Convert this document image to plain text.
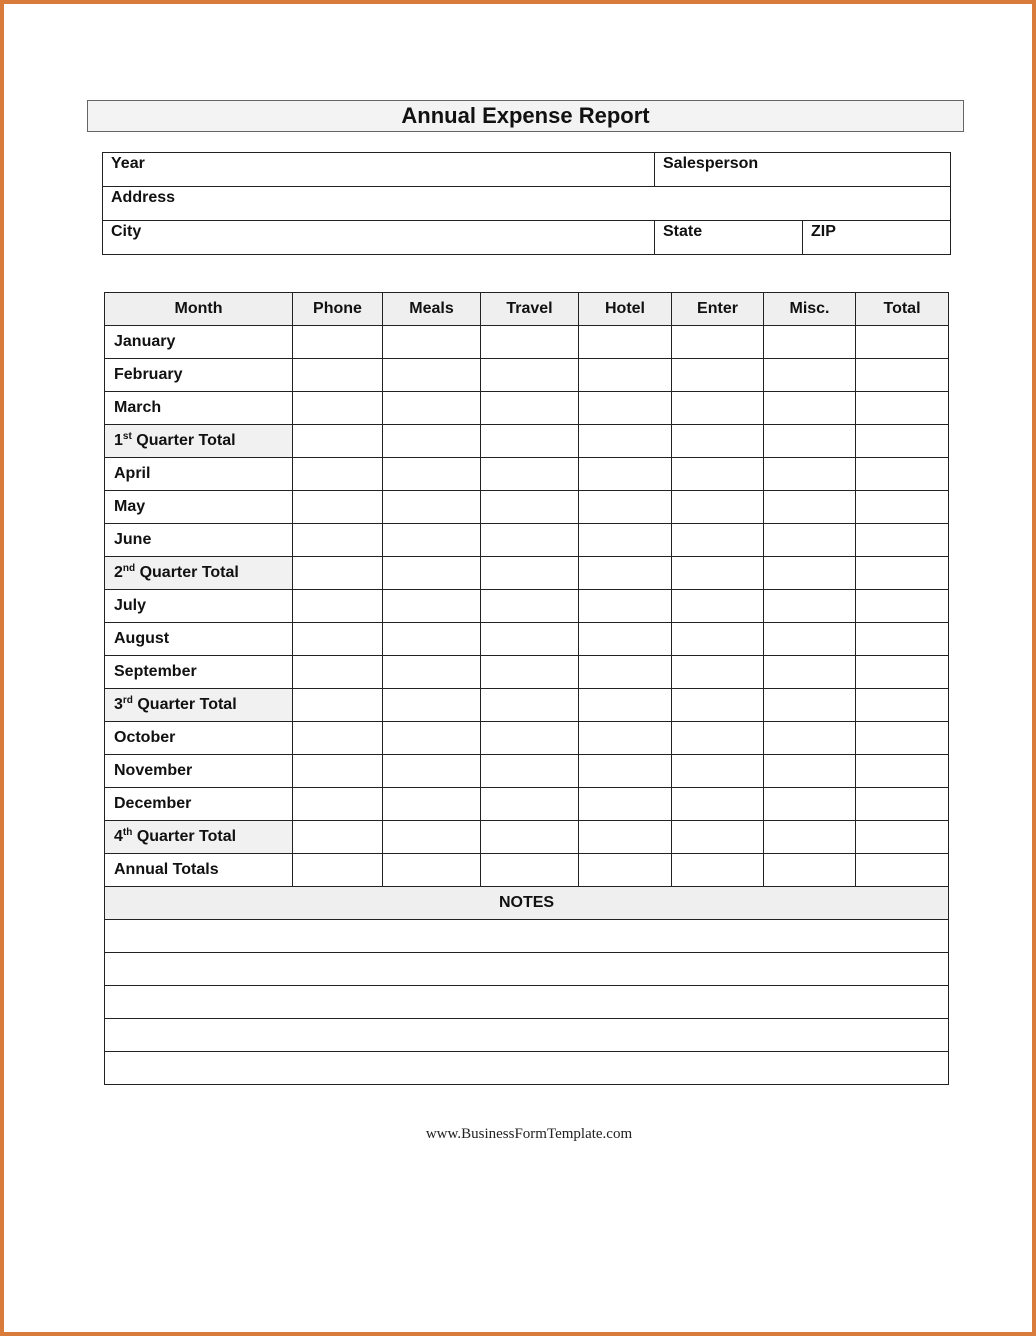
Annual Expense Report
Year	Salesperson	
Address		
City	State	ZIP
Month	Phone	Meals	Travel	Hotel	Enter	Misc.	Total
January							
February							
March							
1st Quarter Total							
April							
May							
June							
2nd Quarter Total							
July							
August							
September							
3rd Quarter Total							
October							
November							
December							
4th Quarter Total							
Annual Totals							
NOTES							

www.BusinessFormTemplate.com
